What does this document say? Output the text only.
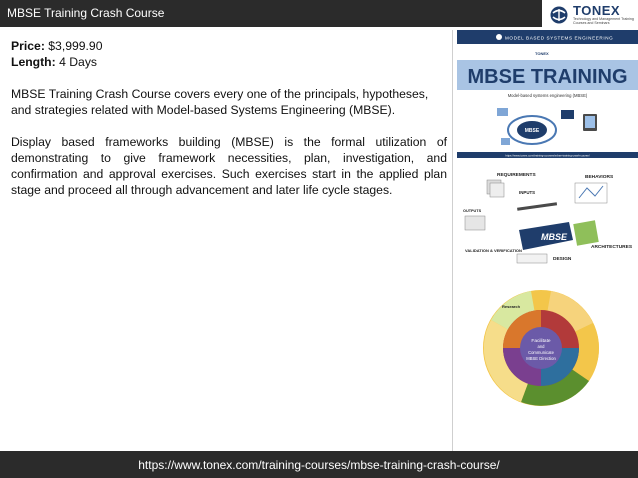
MBSE Training Crash Course	TONEX
Technology and Management Training Courses and Seminars

Price: $3,999.90

Length: 4 Days

MBSE Training Crash Course covers every one of the principals, hypotheses, and strategies related with Model-based Systems Engineering (MBSE).

Display based frameworks building (MBSE) is the formal utilization of demonstrating to give framework necessities, plan, investigation, and confirmation and approval exercises. Such exercises start in the applied plan stage and proceed all through advancement and later life cycle stages.

MODEL BASED SYSTEMS ENGINEERING
TONEX
MBSE TRAINING
Model-based systems engineering (MBSE)
MBSE
https://www.tonex.com/training-courses/mbse-training-crash-course/
INPUTS
REQUIREMENTS	BEHAVIORS
MBSE
ARCHITECTURES
OUTPUTS
DESIGN
VALIDATION & VERIFICATION
Facilitate
and
Communicate
MBSE Direction
Research
https://www.tonex.com/training-courses/mbse-training-crash-course/
